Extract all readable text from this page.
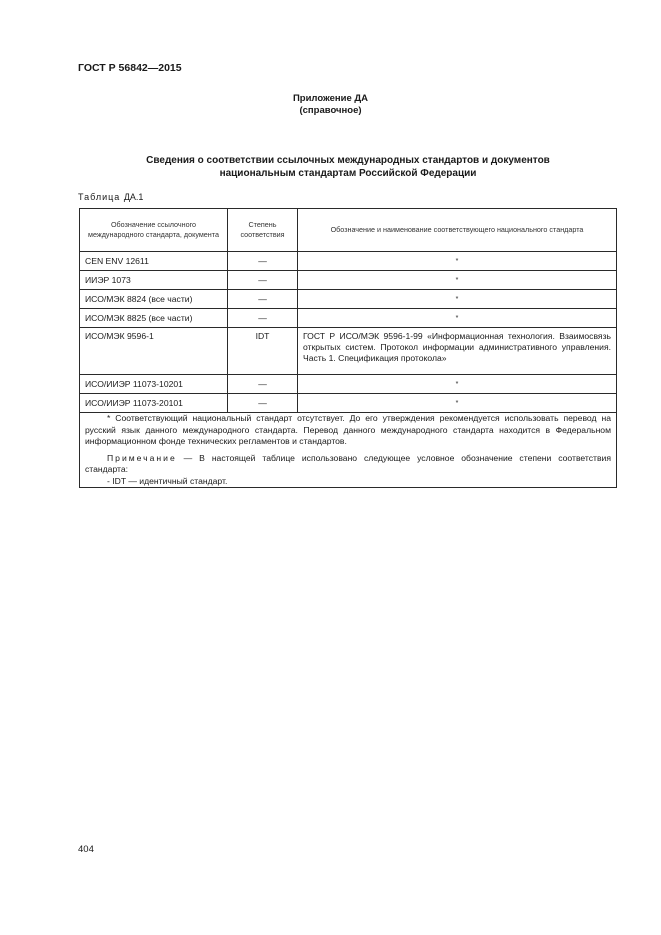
ГОСТ Р 56842—2015
Приложение ДА
(справочное)
Сведения о соответствии ссылочных международных стандартов и документов
национальным стандартам Российской Федерации
Таблица ДА.1
Обозначение ссылочного международного стандарта, документа	Степень соответствия	Обозначение и наименование соответствующего национального стандарта
CEN ENV 12611	—	*
ИИЭР 1073	—	*
ИСО/МЭК 8824 (все части)	—	*
ИСО/МЭК 8825 (все части)	—	*
ИСО/МЭК 9596-1	IDT	ГОСТ Р ИСО/МЭК 9596-1-99 «Информационная технология. Взаимосвязь открытых систем. Протокол информации административного управления. Часть 1. Спецификация протокола»
ИСО/ИИЭР 11073-10201	—	*
ИСО/ИИЭР 11073-20101	—	*

* Соответствующий национальный стандарт отсутствует. До его утверждения рекомендуется использовать перевод на русский язык данного международного стандарта. Перевод данного международного стандарта находится в Федеральном информационном фонде технических регламентов и стандартов.

Примечание — В настоящей таблице использовано следующее условное обозначение степени соответствия стандарта:

- IDT — идентичный стандарт.		

404
